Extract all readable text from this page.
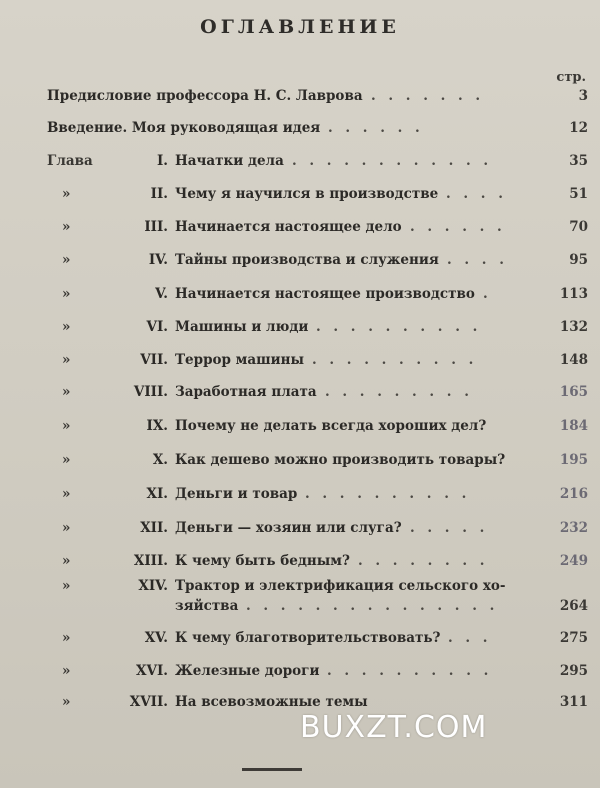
ОГЛАВЛЕНИЕ
стр.
Предисловие профессора Н. С. Лаврова . . . . . . .	3
Введение. Моя руководящая идея . . . . . .	12
Глава	I. Начатки дела . . . . . . . . . . . .	35
»	II. Чему я научился в производстве . . . .	51
»	III. Начинается настоящее дело . . . . . .	70
»	IV. Тайны производства и служения . . . .	95
»	V. Начинается настоящее производство .	113
»	VI. Машины и люди . . . . . . . . . .	132
»	VII. Террор машины . . . . . . . . . .	148
»	VIII. Заработная плата . . . . . . . . .	165
»	IX. Почему не делать всегда хороших дел?	184
»	X. Как дешево можно производить товары?	195
»	XI. Деньги и товар . . . . . . . . . .	216
»	XII. Деньги — хозяин или слуга? . . . . .	232
»	XIII. К чему быть бедным? . . . . . . . .	249
»	XIV. Трактор и электрификация сельского хо-
зяйства . . . . . . . . . . . . . . .	264
»	XV. К чему благотворительствовать? . . .	275
»	XVI. Железные дороги . . . . . . . . . .	295
»	XVII. На всевозможные темы	311
BUXZT.COM
